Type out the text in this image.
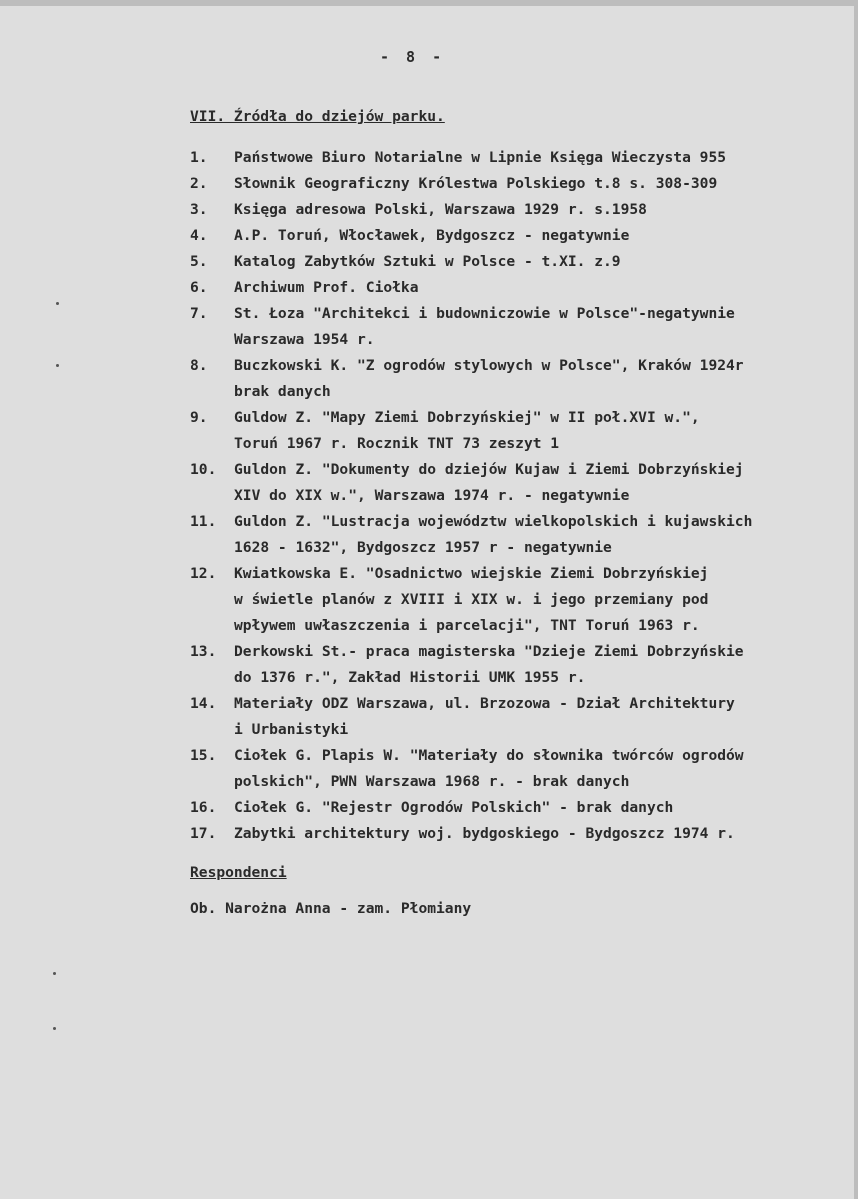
- 8 -
VII. Źródła do dziejów parku.
1. Państwowe Biuro Notarialne w Lipnie Księga Wieczysta 955
2. Słownik Geograficzny Królestwa Polskiego t.8 s. 308-309
3. Księga adresowa Polski, Warszawa 1929 r. s.1958
4. A.P. Toruń, Włocławek, Bydgoszcz - negatywnie
5. Katalog Zabytków Sztuki w Polsce - t.XI. z.9
6. Archiwum Prof. Ciołka
7. St. Łoza "Architekci i budowniczowie w Polsce"-negatywnie
Warszawa 1954 r.
8. Buczkowski K. "Z ogrodów stylowych w Polsce", Kraków 1924r
brak danych
9. Guldow Z. "Mapy Ziemi Dobrzyńskiej" w II poł.XVI w.",
Toruń 1967 r. Rocznik TNT 73 zeszyt 1
10. Guldon Z. "Dokumenty do dziejów Kujaw i Ziemi Dobrzyńskiej
XIV do XIX w.", Warszawa 1974 r. - negatywnie
11. Guldon Z. "Lustracja województw wielkopolskich i kujawskich
1628 - 1632", Bydgoszcz 1957 r - negatywnie
12. Kwiatkowska E. "Osadnictwo wiejskie Ziemi Dobrzyńskiej
w świetle planów z XVIII i XIX w. i jego przemiany pod
wpływem uwłaszczenia i parcelacji", TNT Toruń 1963 r.
13. Derkowski St.- praca magisterska "Dzieje Ziemi Dobrzyńskie
do 1376 r.", Zakład Historii UMK 1955 r.
14. Materiały ODZ Warszawa, ul. Brzozowa - Dział Architektury
i Urbanistyki
15. Ciołek G. Plapis W. "Materiały do słownika twórców ogrodów
polskich", PWN Warszawa 1968 r. - brak danych
16. Ciołek G. "Rejestr Ogrodów Polskich" - brak danych
17. Zabytki architektury woj. bydgoskiego - Bydgoszcz 1974 r.
Respondenci
Ob. Narożna Anna - zam. Płomiany
